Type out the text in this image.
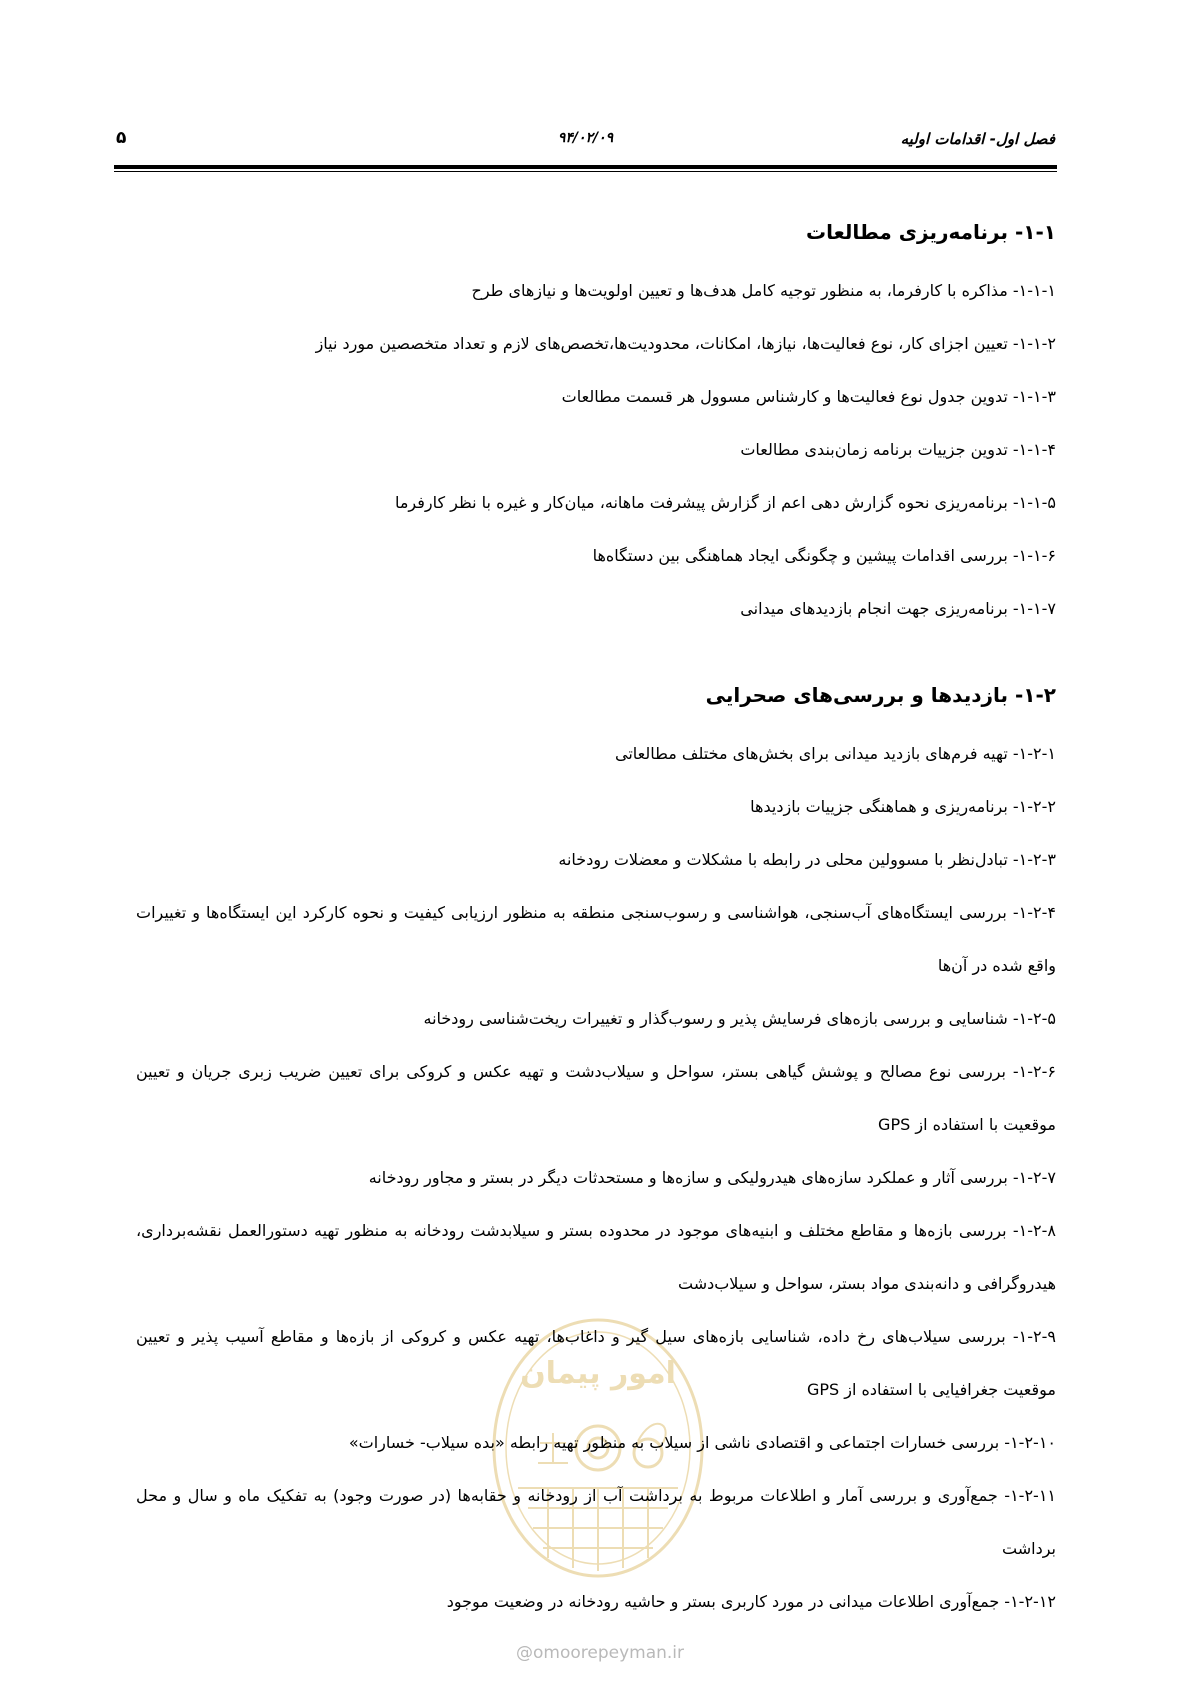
فصل اول- اقدامات اولیه
۹۴/۰۲/۰۹
۵
امور پیمان
@omoorepeyman.ir
۱-۱- برنامه‌ریزی مطالعات

۱-۱-۱- مذاکره با کارفرما، به منظور توجیه کامل هدف‌ها و تعیین اولویت‌ها و نیازهای طرح

۱-۱-۲- تعیین اجزای کار، نوع فعالیت‌ها، نیازها، امکانات، محدودیت‌ها،تخصص‌های لازم و تعداد متخصصین مورد نیاز

۱-۱-۳- تدوین جدول نوع فعالیت‌ها و کارشناس مسوول هر قسمت مطالعات

۱-۱-۴- تدوین جزییات برنامه زمان‌بندی مطالعات

۱-۱-۵- برنامه‌ریزی نحوه گزارش دهی اعم از گزارش پیشرفت ماهانه، میان‌کار و غیره با نظر کارفرما

۱-۱-۶- بررسی اقدامات پیشین و چگونگی ایجاد هماهنگی بین دستگاه‌ها

۱-۱-۷- برنامه‌ریزی جهت انجام بازدیدهای میدانی

۱-۲- بازدیدها و بررسی‌های صحرایی

۱-۲-۱- تهیه فرم‌های بازدید میدانی برای بخش‌های مختلف مطالعاتی

۱-۲-۲- برنامه‌ریزی و هماهنگی جزییات بازدیدها

۱-۲-۳- تبادل‌نظر با مسوولین محلی در رابطه با مشکلات و معضلات رودخانه

۱-۲-۴- بررسی ایستگاه‌های آب‌سنجی، هواشناسی و رسوب‌سنجی منطقه به منظور ارزیابی کیفیت و نحوه کارکرد این ایستگاه‌ها و تغییرات واقع شده در آن‌ها

۱-۲-۵- شناسایی و بررسی بازه‌های فرسایش پذیر و رسوب‌گذار و تغییرات ریخت‌شناسی رودخانه

۱-۲-۶- بررسی نوع مصالح و پوشش گیاهی بستر، سواحل و سیلاب‌دشت و تهیه عکس و کروکی برای تعیین ضریب زبری جریان و تعیین موقعیت با استفاده از GPS

۱-۲-۷- بررسی آثار و عملکرد سازه‌های هیدرولیکی و سازه‌ها و مستحدثات دیگر در بستر و مجاور رودخانه

۱-۲-۸- بررسی بازه‌ها و مقاطع مختلف و ابنیه‌های موجود در محدوده بستر و سیلابدشت رودخانه به منظور تهیه دستورالعمل نقشه‌برداری، هیدروگرافی و دانه‌بندی مواد بستر، سواحل و سیلاب‌دشت

۱-۲-۹- بررسی سیلاب‌های رخ داده، شناسایی بازه‌های سیل گیر و داغاب‌ها، تهیه عکس و کروکی از بازه‌ها و مقاطع آسیب پذیر و تعیین موقعیت جغرافیایی با استفاده از GPS

۱-۲-۱۰- بررسی خسارات اجتماعی و اقتصادی ناشی از سیلاب به منظور تهیه رابطه «بده سیلاب- خسارات»

۱-۲-۱۱- جمع‌آوری و بررسی آمار و اطلاعات مربوط به برداشت آب از رودخانه و حقابه‌ها (در صورت وجود) به تفکیک ماه و سال و محل برداشت

۱-۲-۱۲- جمع‌آوری اطلاعات میدانی در مورد کاربری بستر و حاشیه رودخانه در وضعیت موجود
